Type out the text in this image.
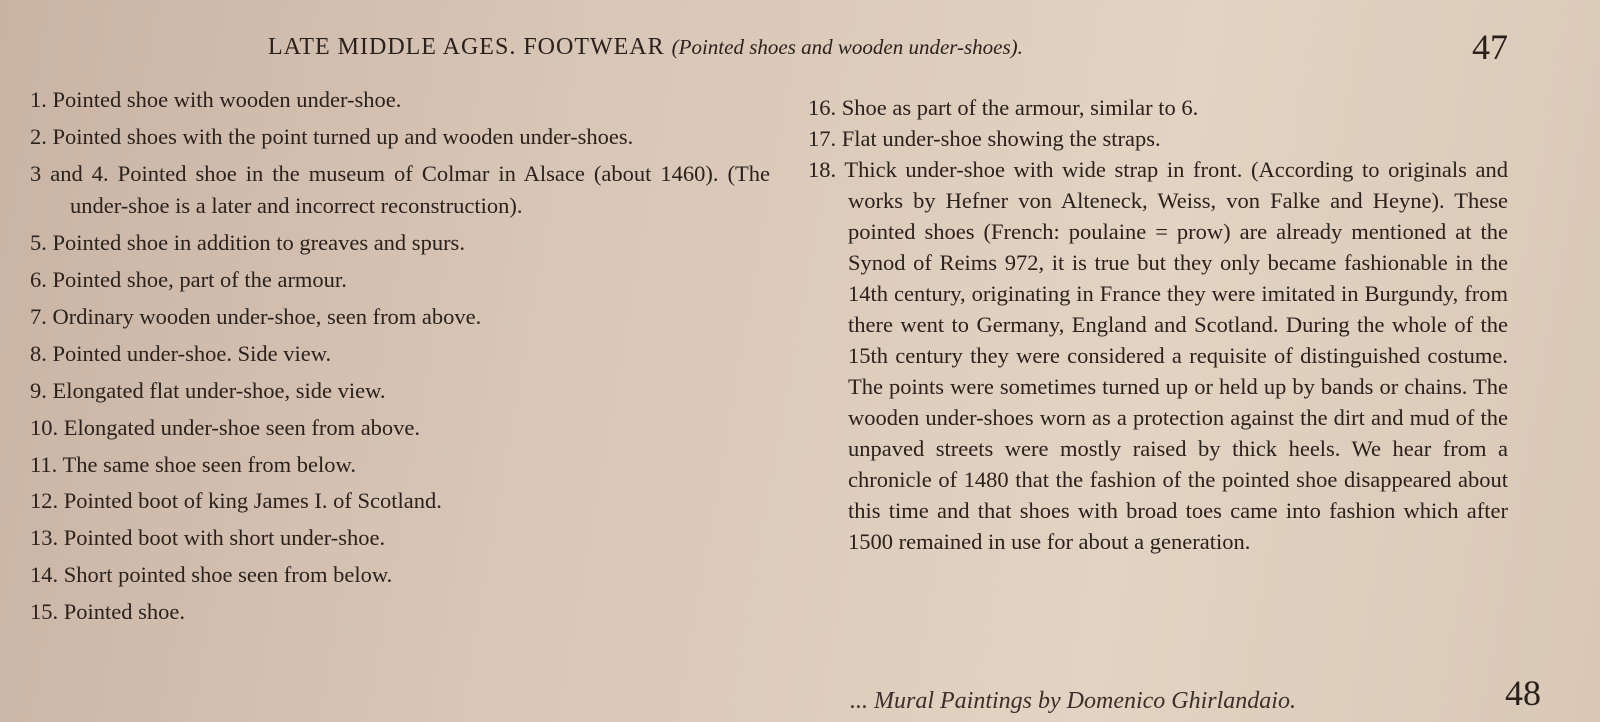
LATE MIDDLE AGES. FOOTWEAR (Pointed shoes and wooden under-shoes).	47
1. Pointed shoe with wooden under-shoe.
2. Pointed shoes with the point turned up and wooden under-shoes.
3 and 4. Pointed shoe in the museum of Colmar in Alsace (about 1460). (The under-shoe is a later and incorrect reconstruction).
5. Pointed shoe in addition to greaves and spurs.
6. Pointed shoe, part of the armour.
7. Ordinary wooden under-shoe, seen from above.
8. Pointed under-shoe. Side view.
9. Elongated flat under-shoe, side view.
10. Elongated under-shoe seen from above.
11. The same shoe seen from below.
12. Pointed boot of king James I. of Scotland.
13. Pointed boot with short under-shoe.
14. Short pointed shoe seen from below.
15. Pointed shoe.
16. Shoe as part of the armour, similar to 6.
17. Flat under-shoe showing the straps.
18. Thick under-shoe with wide strap in front. (According to originals and works by Hefner von Alteneck, Weiss, von Falke and Heyne). These pointed shoes (French: poulaine = prow) are already mentioned at the Synod of Reims 972, it is true but they only became fashionable in the 14th century, originating in France they were imitated in Burgundy, from there went to Germany, England and Scotland. During the whole of the 15th century they were considered a requisite of distinguished costume. The points were sometimes turned up or held up by bands or chains. The wooden under-shoes worn as a protection against the dirt and mud of the unpaved streets were mostly raised by thick heels. We hear from a chronicle of 1480 that the fashion of the pointed shoe disappeared about this time and that shoes with broad toes came into fashion which after 1500 remained in use for about a generation.
... Mural Paintings by Domenico Ghirlandaio.	48
